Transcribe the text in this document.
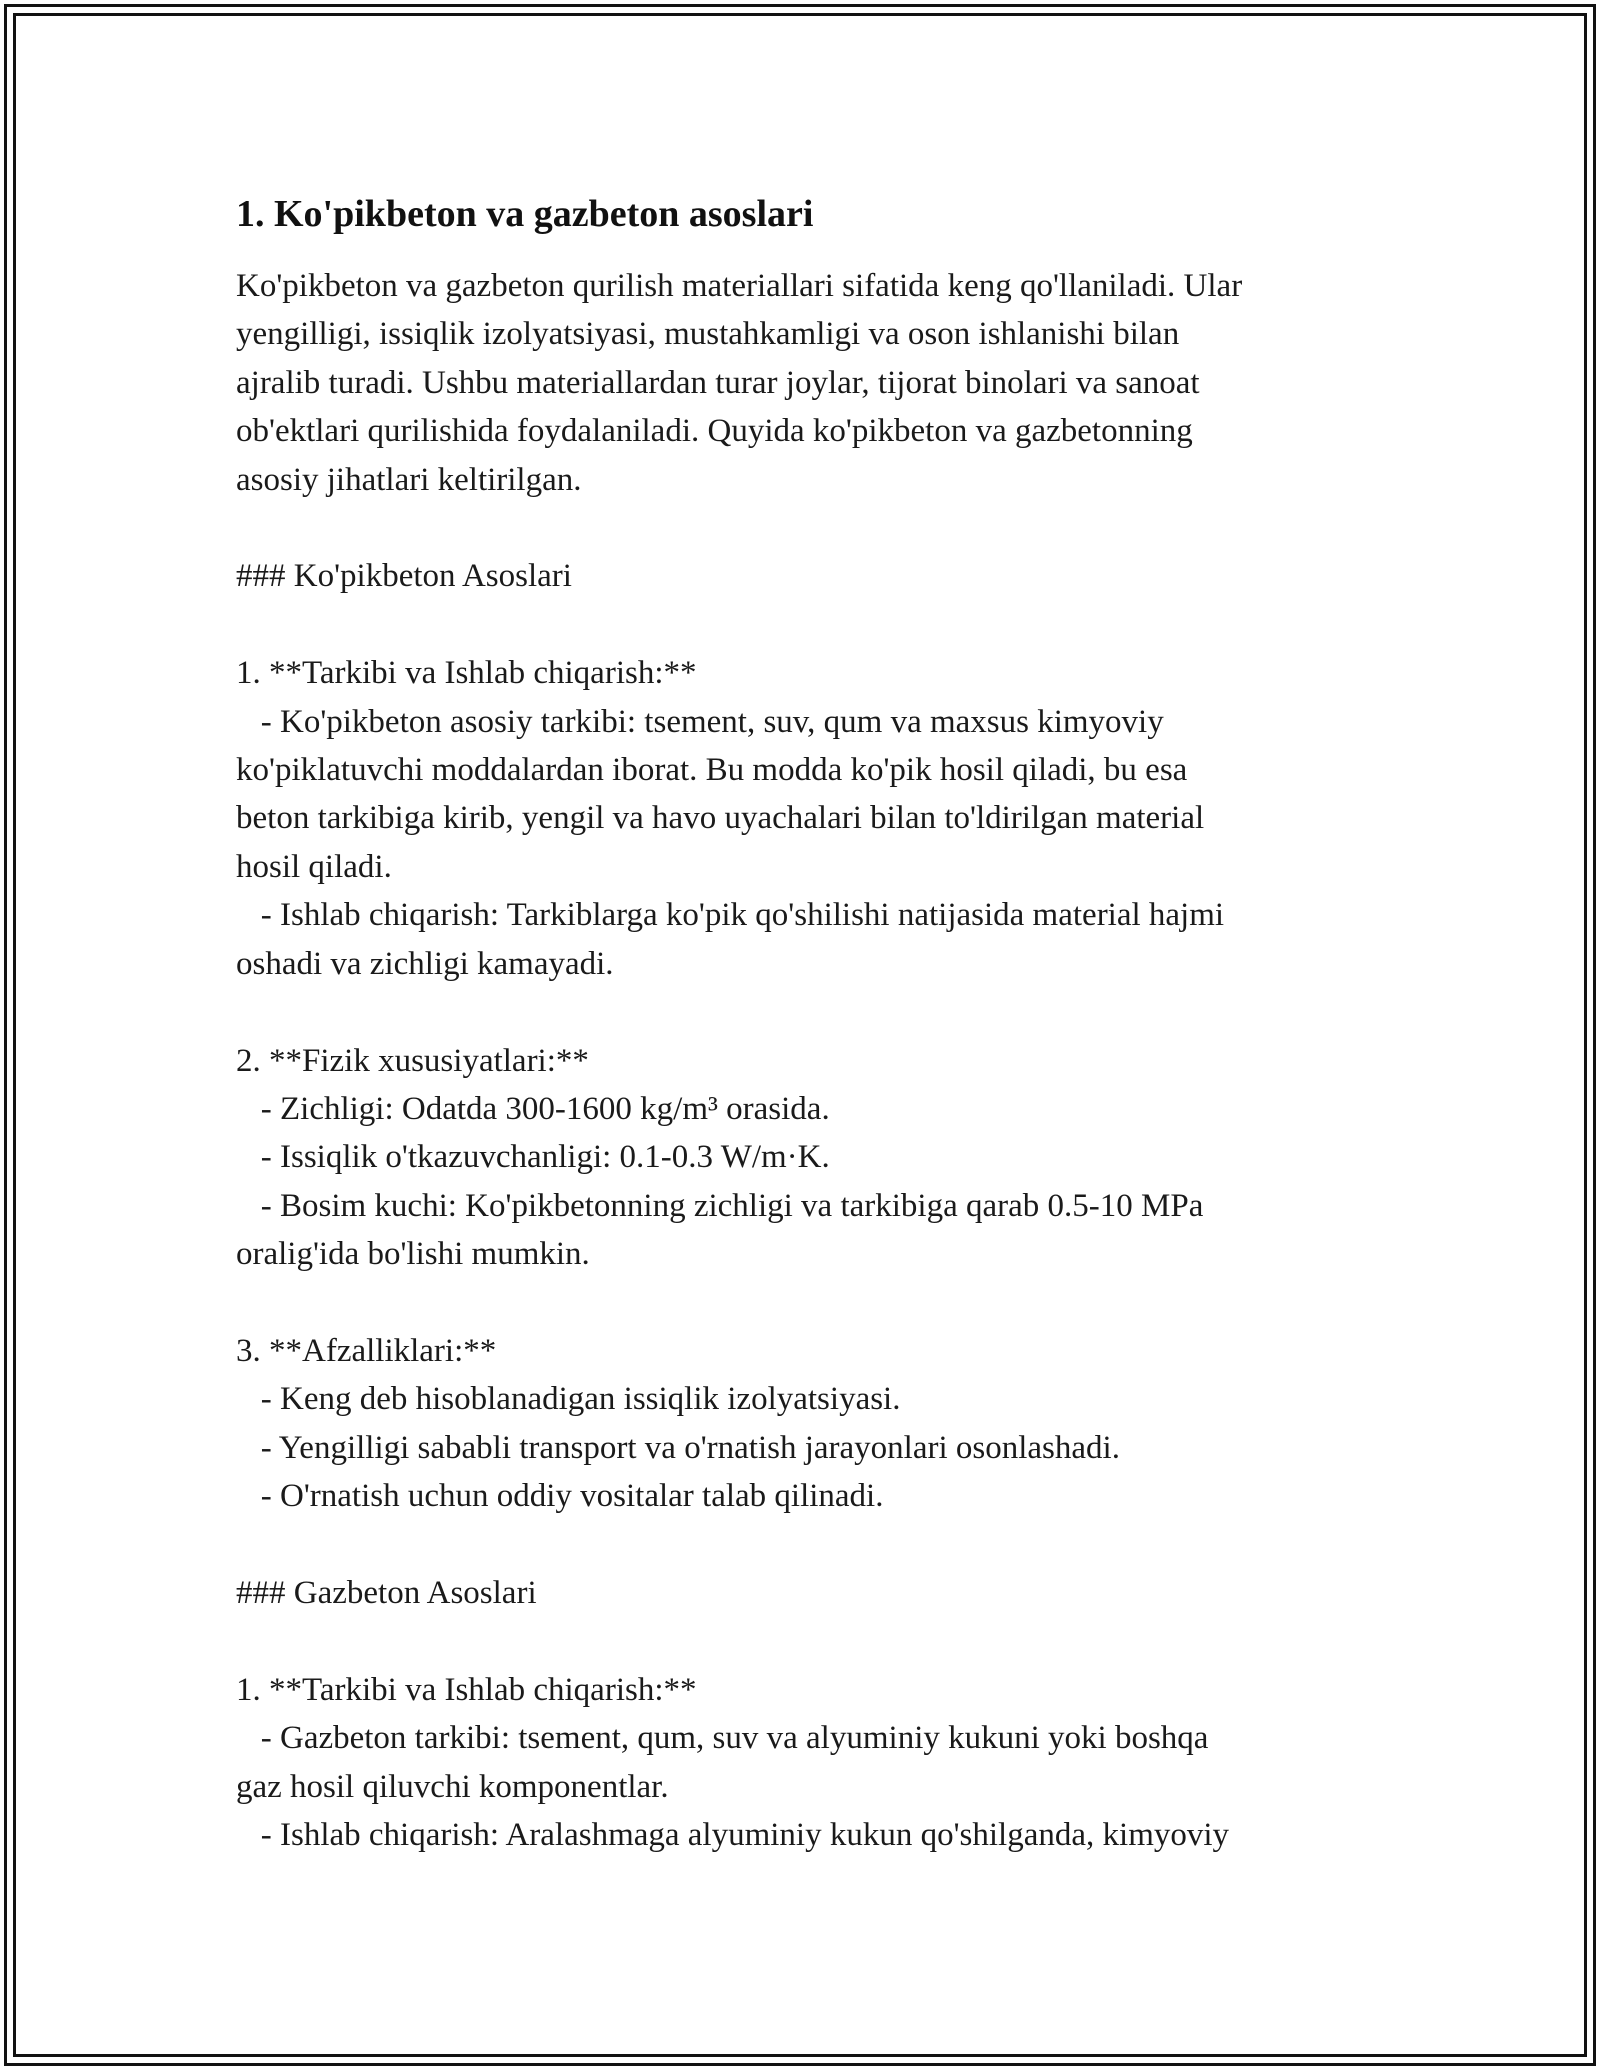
1. Ko'pikbeton va gazbeton asoslari

Ko'pikbeton va gazbeton qurilish materiallari sifatida keng qo'llaniladi. Ular
yengilligi, issiqlik izolyatsiyasi, mustahkamligi va oson ishlanishi bilan
ajralib turadi. Ushbu materiallardan turar joylar, tijorat binolari va sanoat
ob'ektlari qurilishida foydalaniladi. Quyida ko'pikbeton va gazbetonning
asosiy jihatlari keltirilgan.

### Ko'pikbeton Asoslari

1. **Tarkibi va Ishlab chiqarish:**
- Ko'pikbeton asosiy tarkibi: tsement, suv, qum va maxsus kimyoviy
ko'piklatuvchi moddalardan iborat. Bu modda ko'pik hosil qiladi, bu esa
beton tarkibiga kirib, yengil va havo uyachalari bilan to'ldirilgan material
hosil qiladi.
- Ishlab chiqarish: Tarkiblarga ko'pik qo'shilishi natijasida material hajmi
oshadi va zichligi kamayadi.

2. **Fizik xususiyatlari:**
- Zichligi: Odatda 300-1600 kg/m³ orasida.
- Issiqlik o'tkazuvchanligi: 0.1-0.3 W/m·K.
- Bosim kuchi: Ko'pikbetonning zichligi va tarkibiga qarab 0.5-10 MPa
oralig'ida bo'lishi mumkin.

3. **Afzalliklari:**
- Keng deb hisoblanadigan issiqlik izolyatsiyasi.
- Yengilligi sababli transport va o'rnatish jarayonlari osonlashadi.
- O'rnatish uchun oddiy vositalar talab qilinadi.

### Gazbeton Asoslari

1. **Tarkibi va Ishlab chiqarish:**
- Gazbeton tarkibi: tsement, qum, suv va alyuminiy kukuni yoki boshqa
gaz hosil qiluvchi komponentlar.
- Ishlab chiqarish: Aralashmaga alyuminiy kukun qo'shilganda, kimyoviy
